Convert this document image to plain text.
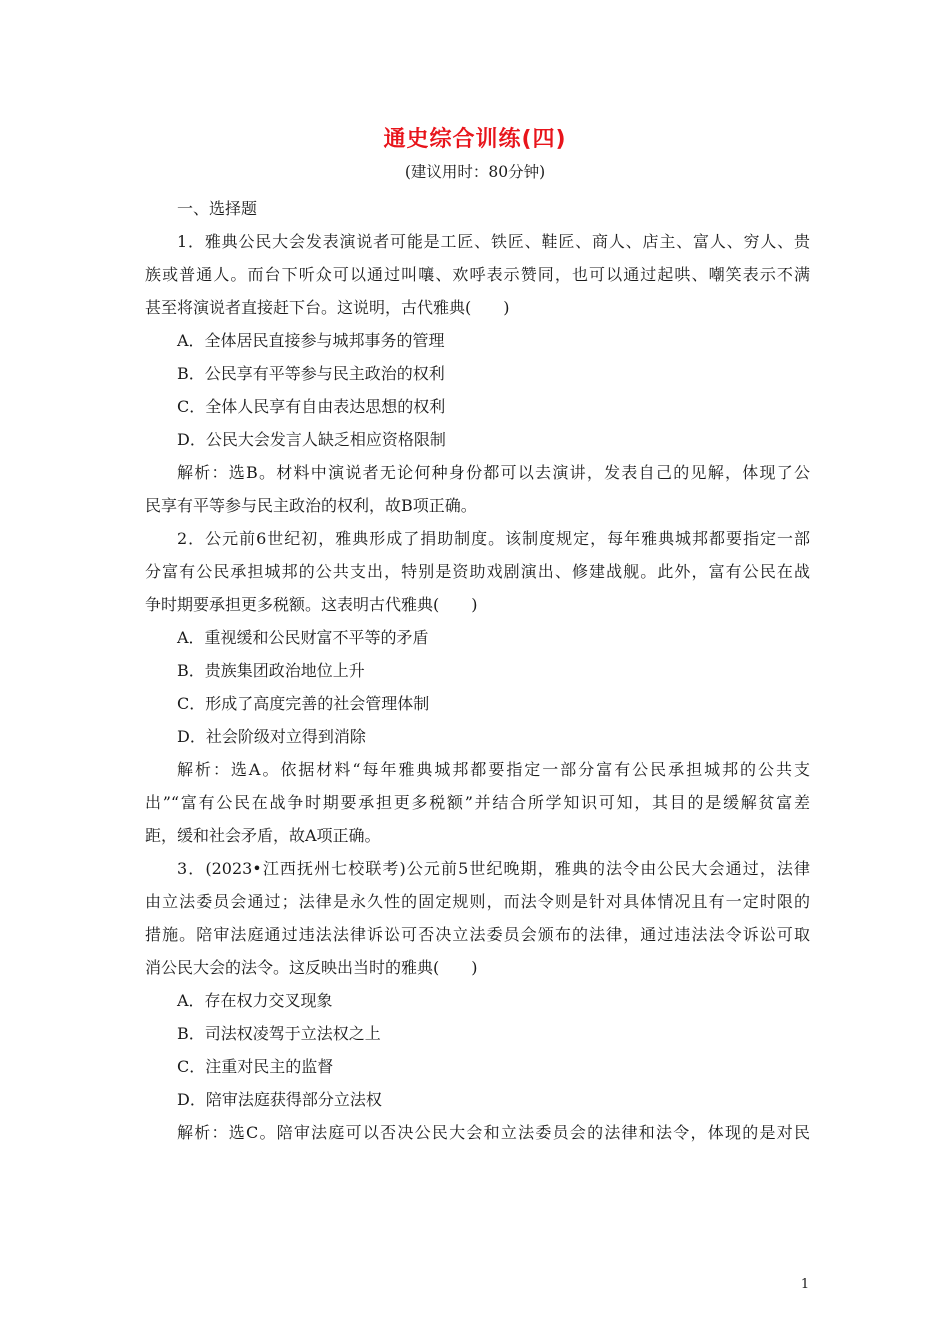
通史综合训练(四)
(建议用时：80分钟)
一、选择题
1．雅典公民大会发表演说者可能是工匠、铁匠、鞋匠、商人、店主、富人、穷人、贵
族或普通人。而台下听众可以通过叫嚷、欢呼表示赞同，也可以通过起哄、嘲笑表示不满
甚至将演说者直接赶下台。这说明，古代雅典(　　)
A．全体居民直接参与城邦事务的管理
B．公民享有平等参与民主政治的权利
C．全体人民享有自由表达思想的权利
D．公民大会发言人缺乏相应资格限制
解析：选B。材料中演说者无论何种身份都可以去演讲，发表自己的见解，体现了公
民享有平等参与民主政治的权利，故B项正确。
2．公元前6世纪初，雅典形成了捐助制度。该制度规定，每年雅典城邦都要指定一部
分富有公民承担城邦的公共支出，特别是资助戏剧演出、修建战舰。此外，富有公民在战
争时期要承担更多税额。这表明古代雅典(　　)
A．重视缓和公民财富不平等的矛盾
B．贵族集团政治地位上升
C．形成了高度完善的社会管理体制
D．社会阶级对立得到消除
解析：选A。依据材料“每年雅典城邦都要指定一部分富有公民承担城邦的公共支
出”“富有公民在战争时期要承担更多税额”并结合所学知识可知，其目的是缓解贫富差
距，缓和社会矛盾，故A项正确。
3．(2023•江西抚州七校联考)公元前5世纪晚期，雅典的法令由公民大会通过，法律
由立法委员会通过；法律是永久性的固定规则，而法令则是针对具体情况且有一定时限的
措施。陪审法庭通过违法法律诉讼可否决立法委员会颁布的法律，通过违法法令诉讼可取
消公民大会的法令。这反映出当时的雅典(　　)
A．存在权力交叉现象
B．司法权凌驾于立法权之上
C．注重对民主的监督
D．陪审法庭获得部分立法权
解析：选C。陪审法庭可以否决公民大会和立法委员会的法律和法令，体现的是对民
1
